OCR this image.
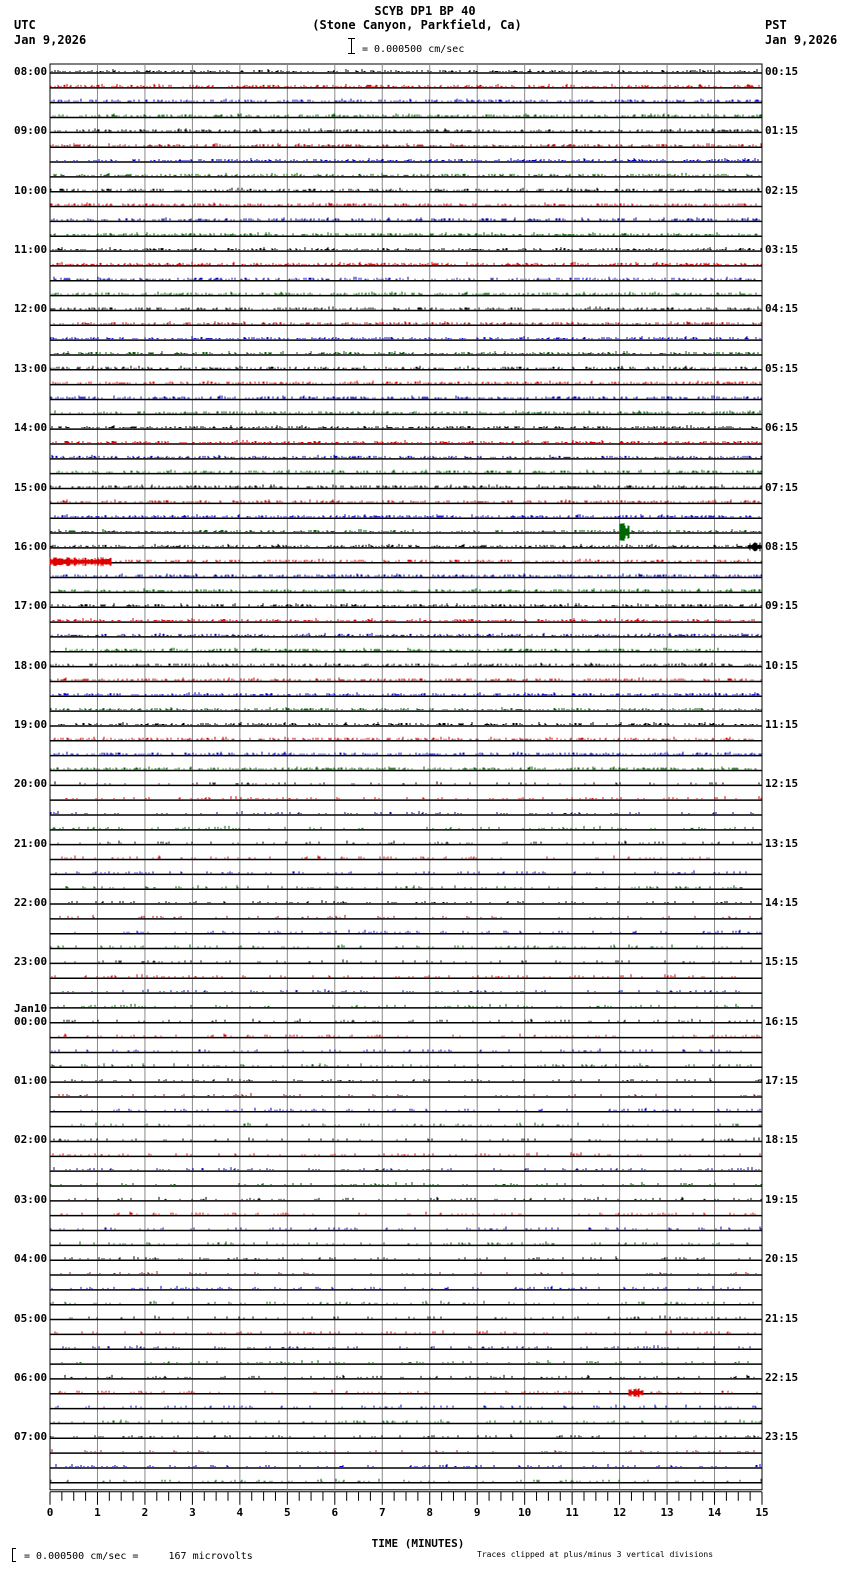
SCYB DP1 BP 40
(Stone Canyon, Parkfield, Ca)
UTC
Jan 9,2026
PST
Jan 9,2026
= 0.000500 cm/sec
0	1	2	3	4	5	6	7	8	9	10	11	12	13	14	15
08:00
09:00
10:00
11:00
12:00
13:00
14:00
15:00
16:00
17:00
18:00
19:00
20:00
21:00
22:00
23:00
00:00
Jan10
01:00
02:00
03:00
04:00
05:00
06:00
07:00
00:15
01:15
02:15
03:15
04:15
05:15
06:15
07:15
08:15
09:15
10:15
11:15
12:15
13:15
14:15
15:15
16:15
17:15
18:15
19:15
20:15
21:15
22:15
23:15
TIME (MINUTES)
= 0.000500 cm/sec =     167 microvolts	Traces clipped at plus/minus 3 vertical divisions
